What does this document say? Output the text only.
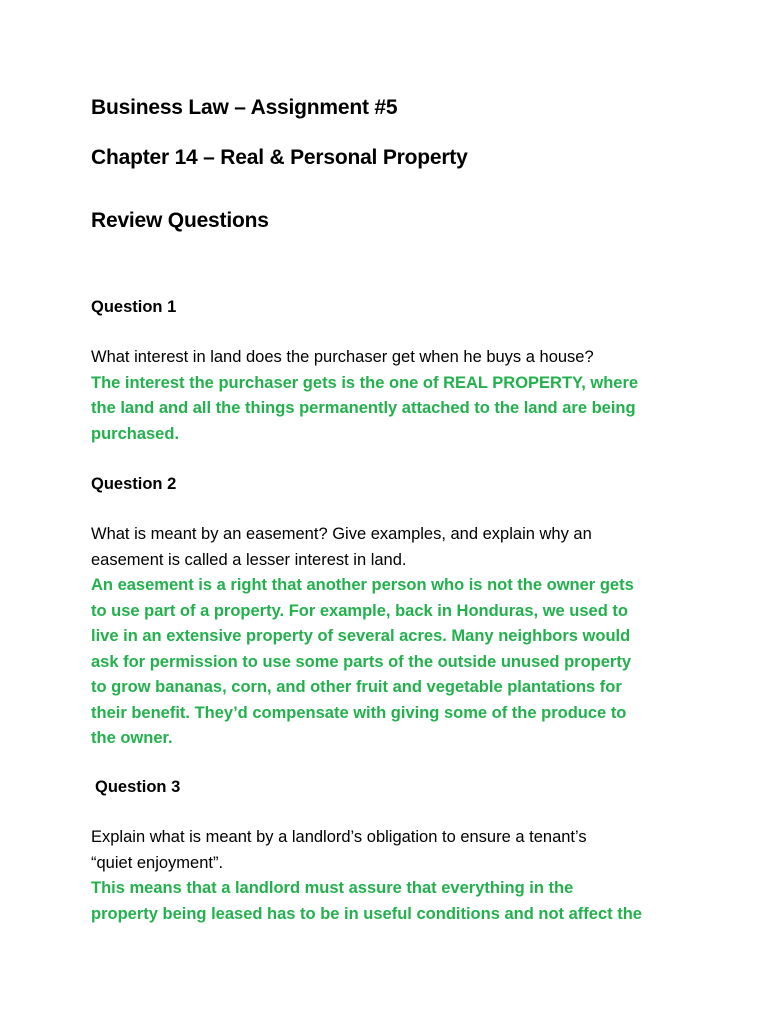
Business Law – Assignment #5
Chapter 14 – Real & Personal Property
Review Questions
Question 1
What interest in land does the purchaser get when he buys a house?
The interest the purchaser gets is the one of REAL PROPERTY, where
the land and all the things permanently attached to the land are being
purchased.
Question 2
What is meant by an easement? Give examples, and explain why an
easement is called a lesser interest in land.
An easement is a right that another person who is not the owner gets
to use part of a property. For example, back in Honduras, we used to
live in an extensive property of several acres. Many neighbors would
ask for permission to use some parts of the outside unused property
to grow bananas, corn, and other fruit and vegetable plantations for
their benefit. They’d compensate with giving some of the produce to
the owner.
Question 3
Explain what is meant by a landlord’s obligation to ensure a tenant’s
“quiet enjoyment”.
This means that a landlord must assure that everything in the
property being leased has to be in useful conditions and not affect the
